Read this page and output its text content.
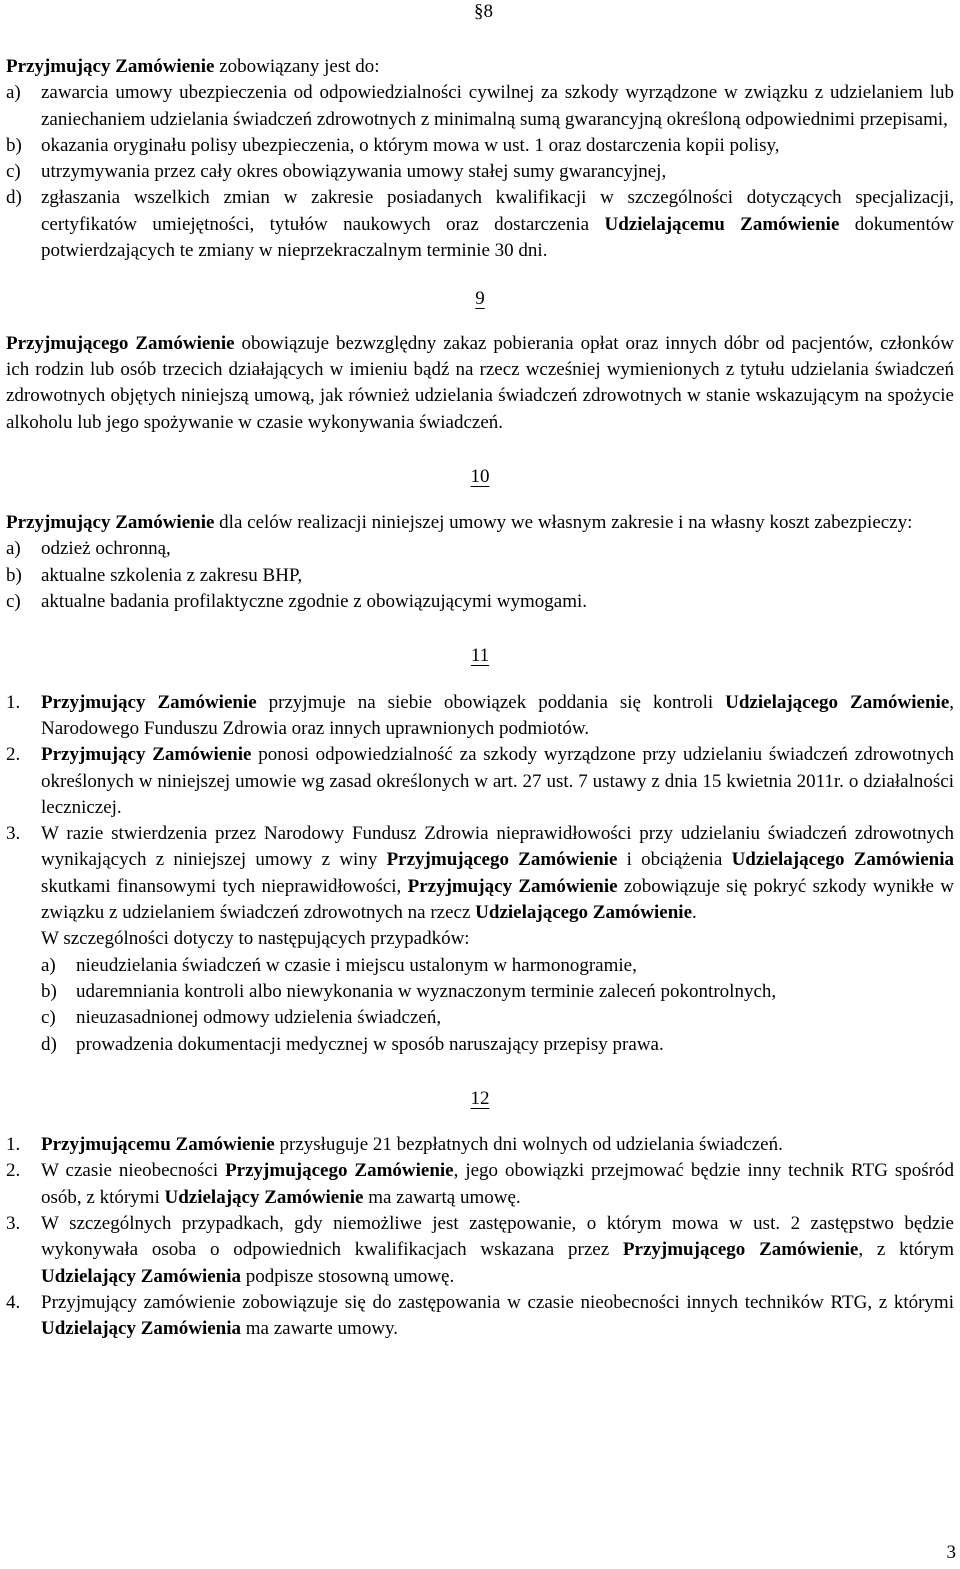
§8

Przyjmujący Zamówienie zobowiązany jest do:

a)	zawarcia umowy ubezpieczenia od odpowiedzialności cywilnej za szkody wyrządzone w związku z udzielaniem lub zaniechaniem udzielania świadczeń zdrowotnych z minimalną sumą gwarancyjną określoną odpowiednimi przepisami,
b)	okazania oryginału polisy ubezpieczenia, o którym mowa w ust. 1 oraz dostarczenia kopii polisy,
c)	utrzymywania przez cały okres obowiązywania umowy stałej sumy gwarancyjnej,
d)	zgłaszania wszelkich zmian w zakresie posiadanych kwalifikacji w szczególności dotyczących specjalizacji, certyfikatów umiejętności, tytułów naukowych oraz dostarczenia Udzielającemu Zamówienie dokumentów potwierdzających te zmiany w nieprzekraczalnym terminie 30 dni.
9

Przyjmującego Zamówienie obowiązuje bezwzględny zakaz pobierania opłat oraz innych dóbr od pacjentów, członków ich rodzin lub osób trzecich działających w imieniu bądź na rzecz wcześniej wymienionych z tytułu udzielania świadczeń zdrowotnych objętych niniejszą umową, jak również udzielania świadczeń zdrowotnych w stanie wskazującym na spożycie alkoholu lub jego spożywanie w czasie wykonywania świadczeń.

10

Przyjmujący Zamówienie dla celów realizacji niniejszej umowy we własnym zakresie i na własny koszt zabezpieczy:

a)	odzież ochronną,
b)	aktualne szkolenia z zakresu BHP,
c)	aktualne badania profilaktyczne zgodnie z obowiązującymi wymogami.
11
1.	Przyjmujący Zamówienie przyjmuje na siebie obowiązek poddania się kontroli Udzielającego Zamówienie, Narodowego Funduszu Zdrowia oraz innych uprawnionych podmiotów.
2.	Przyjmujący Zamówienie ponosi odpowiedzialność za szkody wyrządzone przy udzielaniu świadczeń zdrowotnych określonych w niniejszej umowie wg zasad określonych w art. 27 ust. 7 ustawy z dnia 15 kwietnia 2011r. o działalności leczniczej.
3.	W razie stwierdzenia przez Narodowy Fundusz Zdrowia nieprawidłowości przy udzielaniu świadczeń zdrowotnych wynikających z niniejszej umowy z winy Przyjmującego Zamówienie i obciążenia Udzielającego Zamówienia skutkami finansowymi tych nieprawidłowości, Przyjmujący Zamówienie zobowiązuje się pokryć szkody wynikłe w związku z udzielaniem świadczeń zdrowotnych na rzecz Udzielającego Zamówienie.

W szczególności dotyczy to następujących przypadków:

a)	nieudzielania świadczeń w czasie i miejscu ustalonym w harmonogramie,
b)	udaremniania kontroli albo niewykonania w wyznaczonym terminie zaleceń pokontrolnych,
c)	nieuzasadnionej odmowy udzielenia świadczeń,
d)	prowadzenia dokumentacji medycznej w sposób naruszający przepisy prawa.
12
1.	Przyjmującemu Zamówienie przysługuje 21 bezpłatnych dni wolnych od udzielania świadczeń.
2.	W czasie nieobecności Przyjmującego Zamówienie, jego obowiązki przejmować będzie inny technik RTG spośród osób, z którymi Udzielający Zamówienie ma zawartą umowę.
3.	W szczególnych przypadkach, gdy niemożliwe jest zastępowanie, o którym mowa w ust. 2 zastępstwo będzie wykonywała osoba o odpowiednich kwalifikacjach wskazana przez Przyjmującego Zamówienie, z którym Udzielający Zamówienia podpisze stosowną umowę.
4.	Przyjmujący zamówienie zobowiązuje się do zastępowania w czasie nieobecności innych techników RTG, z którymi Udzielający Zamówienia ma zawarte umowy.
3
